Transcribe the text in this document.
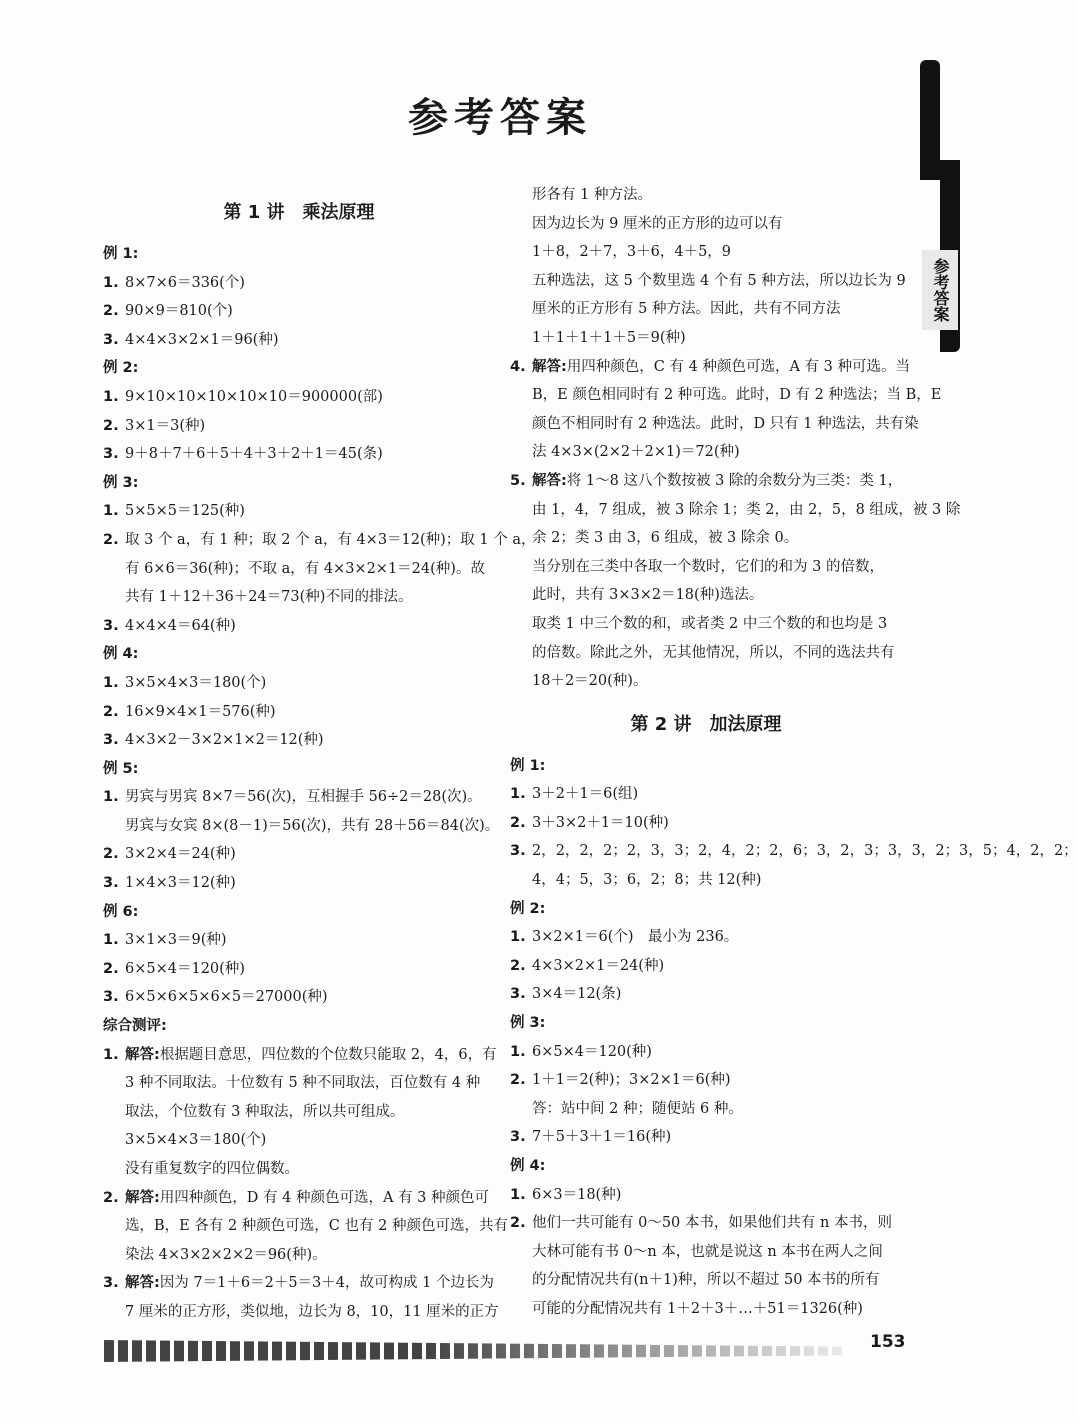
参考答案
参考答案
第 1 讲　乘法原理
例 1:
1. 8×7×6＝336(个)
2. 90×9＝810(个)
3. 4×4×3×2×1＝96(种)
例 2:
1. 9×10×10×10×10×10＝900000(部)
2. 3×1＝3(种)
3. 9＋8＋7＋6＋5＋4＋3＋2＋1＝45(条)
例 3:
1. 5×5×5＝125(种)
2. 取 3 个 a，有 1 种；取 2 个 a，有 4×3＝12(种)；取 1 个 a，
有 6×6＝36(种)；不取 a，有 4×3×2×1＝24(种)。故
共有 1＋12＋36＋24＝73(种)不同的排法。
3. 4×4×4＝64(种)
例 4:
1. 3×5×4×3＝180(个)
2. 16×9×4×1＝576(种)
3. 4×3×2－3×2×1×2＝12(种)
例 5:
1. 男宾与男宾 8×7＝56(次)，互相握手 56÷2＝28(次)。
男宾与女宾 8×(8－1)＝56(次)，共有 28＋56＝84(次)。
2. 3×2×4＝24(种)
3. 1×4×3＝12(种)
例 6:
1. 3×1×3＝9(种)
2. 6×5×4＝120(种)
3. 6×5×6×5×6×5＝27000(种)
综合测评:
1. 解答:根据题目意思，四位数的个位数只能取 2，4，6，有
3 种不同取法。十位数有 5 种不同取法，百位数有 4 种
取法，个位数有 3 种取法，所以共可组成。
3×5×4×3＝180(个)
没有重复数字的四位偶数。
2. 解答:用四种颜色，D 有 4 种颜色可选，A 有 3 种颜色可
选，B，E 各有 2 种颜色可选，C 也有 2 种颜色可选，共有
染法 4×3×2×2×2＝96(种)。
3. 解答:因为 7＝1＋6＝2＋5＝3＋4，故可构成 1 个边长为
7 厘米的正方形，类似地，边长为 8，10，11 厘米的正方
形各有 1 种方法。
因为边长为 9 厘米的正方形的边可以有
1＋8，2＋7，3＋6，4＋5，9
五种选法，这 5 个数里选 4 个有 5 种方法，所以边长为 9
厘米的正方形有 5 种方法。因此，共有不同方法
1＋1＋1＋1＋5＝9(种)
4. 解答:用四种颜色，C 有 4 种颜色可选，A 有 3 种可选。当
B，E 颜色相同时有 2 种可选。此时，D 有 2 种选法；当 B，E
颜色不相同时有 2 种选法。此时，D 只有 1 种选法，共有染
法 4×3×(2×2＋2×1)＝72(种)
5. 解答:将 1～8 这八个数按被 3 除的余数分为三类：类 1，
由 1，4，7 组成，被 3 除余 1；类 2，由 2，5，8 组成，被 3 除
余 2；类 3 由 3，6 组成，被 3 除余 0。
当分别在三类中各取一个数时，它们的和为 3 的倍数，
此时，共有 3×3×2＝18(种)选法。
取类 1 中三个数的和，或者类 2 中三个数的和也均是 3
的倍数。除此之外，无其他情况，所以，不同的选法共有
18＋2＝20(种)。
第 2 讲　加法原理
例 1:
1. 3＋2＋1＝6(组)
2. 3＋3×2＋1＝10(种)
3. 2，2，2，2；2，3，3；2，4，2；2，6；3，2，3；3，3，2；3，5；4，2，2；
4，4；5，3；6，2；8；共 12(种)
例 2:
1. 3×2×1＝6(个)　最小为 236。
2. 4×3×2×1＝24(种)
3. 3×4＝12(条)
例 3:
1. 6×5×4＝120(种)
2. 1＋1＝2(种)；3×2×1＝6(种)
答：站中间 2 种；随便站 6 种。
3. 7＋5＋3＋1＝16(种)
例 4:
1. 6×3＝18(种)
2. 他们一共可能有 0～50 本书，如果他们共有 n 本书，则
大林可能有书 0～n 本，也就是说这 n 本书在两人之间
的分配情况共有(n＋1)种，所以不超过 50 本书的所有
可能的分配情况共有 1＋2＋3＋…＋51＝1326(种)
153
